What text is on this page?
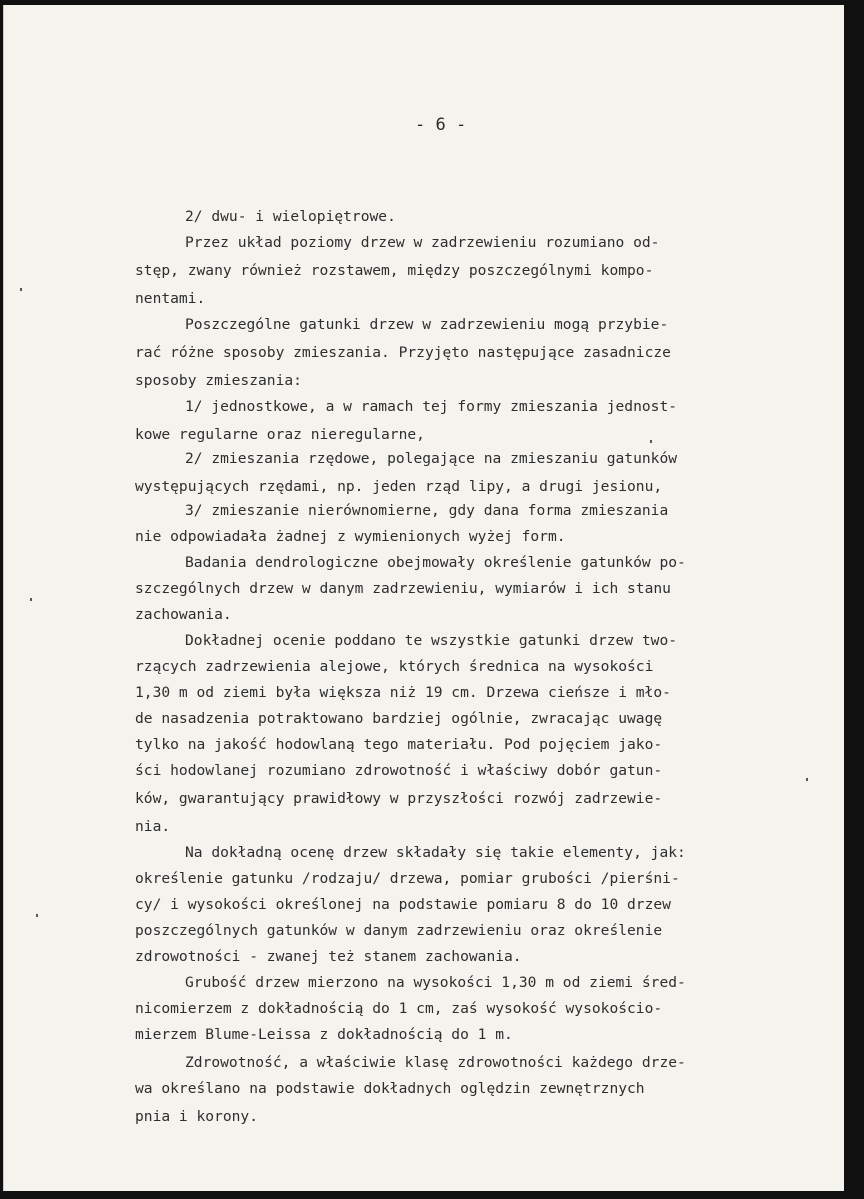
- 6 -
2/ dwu- i wielopiętrowe.
Przez układ poziomy drzew w zadrzewieniu rozumiano od-
stęp, zwany również rozstawem, między poszczególnymi kompo-
nentami.
Poszczególne gatunki drzew w zadrzewieniu mogą przybie-
rać różne sposoby zmieszania. Przyjęto następujące zasadnicze
sposoby zmieszania:
1/ jednostkowe, a w ramach tej formy zmieszania jednost-
kowe regularne oraz nieregularne,
2/ zmieszania rzędowe, polegające na zmieszaniu gatunków
występujących rzędami, np. jeden rząd lipy, a drugi jesionu,
3/ zmieszanie nierównomierne, gdy dana forma zmieszania
nie odpowiadała żadnej z wymienionych wyżej form.
Badania dendrologiczne obejmowały określenie gatunków po-
szczególnych drzew w danym zadrzewieniu, wymiarów i ich stanu
zachowania.
Dokładnej ocenie poddano te wszystkie gatunki drzew two-
rzących zadrzewienia alejowe, których średnica na wysokości
1,30 m od ziemi była większa niż 19 cm. Drzewa cieńsze i mło-
de nasadzenia potraktowano bardziej ogólnie, zwracając uwagę
tylko na jakość hodowlaną tego materiału. Pod pojęciem jako-
ści hodowlanej rozumiano zdrowotność i właściwy dobór gatun-
ków, gwarantujący prawidłowy w przyszłości rozwój zadrzewie-
nia.
Na dokładną ocenę drzew składały się takie elementy, jak:
określenie gatunku /rodzaju/ drzewa, pomiar grubości /pierśni-
cy/ i wysokości określonej na podstawie pomiaru 8 do 10 drzew
poszczególnych gatunków w danym zadrzewieniu oraz określenie
zdrowotności - zwanej też stanem zachowania.
Grubość drzew mierzono na wysokości 1,30 m od ziemi śred-
nicomierzem z dokładnością do 1 cm, zaś wysokość wysokościo-
mierzem Blume-Leissa z dokładnością do 1 m.
Zdrowotność, a właściwie klasę zdrowotności każdego drze-
wa określano na podstawie dokładnych oględzin zewnętrznych
pnia i korony.
